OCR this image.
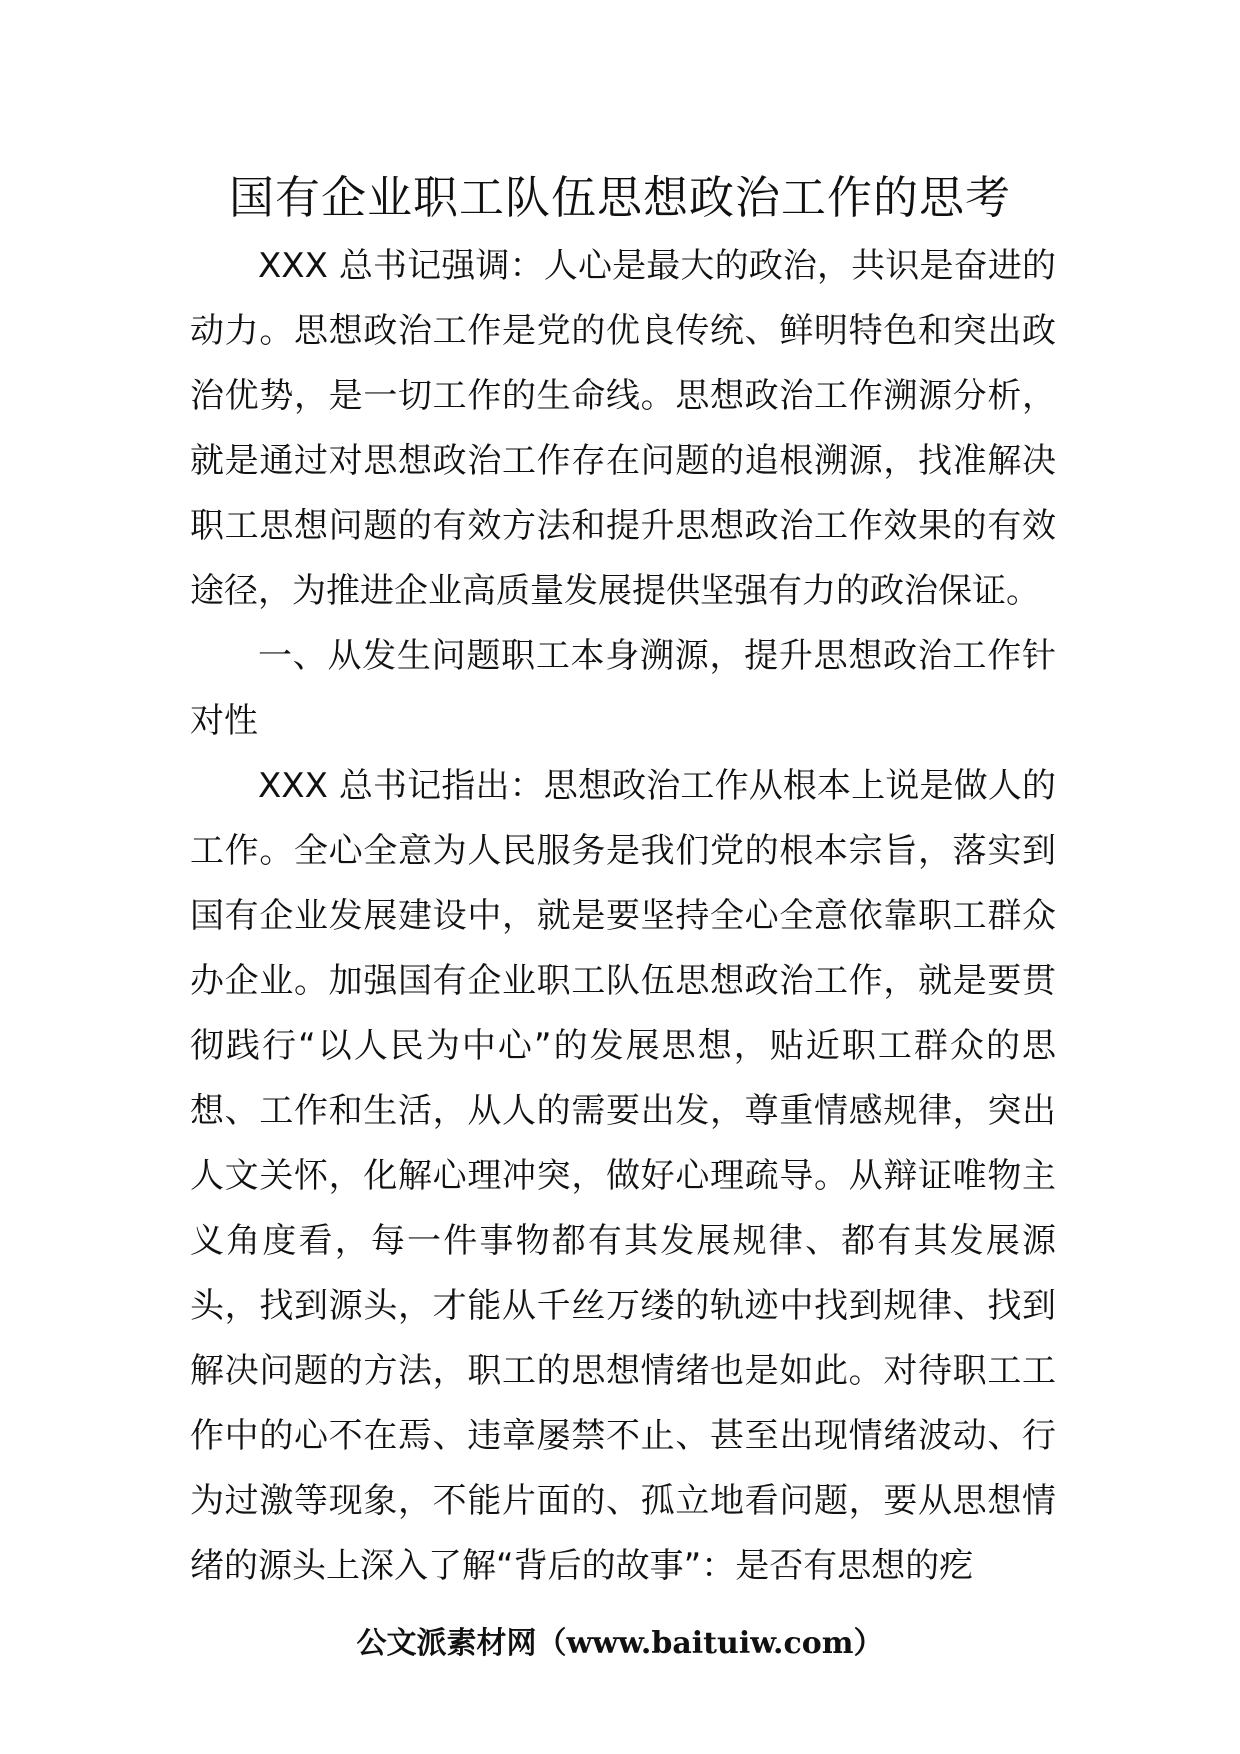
国有企业职工队伍思想政治工作的思考

XXX 总书记强调：人心是最大的政治，共识是奋进的动力。思想政治工作是党的优良传统、鲜明特色和突出政治优势，是一切工作的生命线。思想政治工作溯源分析，就是通过对思想政治工作存在问题的追根溯源，找准解决职工思想问题的有效方法和提升思想政治工作效果的有效途径，为推进企业高质量发展提供坚强有力的政治保证。

一、从发生问题职工本身溯源，提升思想政治工作针对性

XXX 总书记指出：思想政治工作从根本上说是做人的工作。全心全意为人民服务是我们党的根本宗旨，落实到国有企业发展建设中，就是要坚持全心全意依靠职工群众办企业。加强国有企业职工队伍思想政治工作，就是要贯彻践行“以人民为中心”的发展思想，贴近职工群众的思想、工作和生活，从人的需要出发，尊重情感规律，突出人文关怀，化解心理冲突，做好心理疏导。从辩证唯物主义角度看，每一件事物都有其发展规律、都有其发展源头，找到源头，才能从千丝万缕的轨迹中找到规律、找到解决问题的方法，职工的思想情绪也是如此。对待职工工作中的心不在焉、违章屡禁不止、甚至出现情绪波动、行为过激等现象，不能片面的、孤立地看问题，要从思想情绪的源头上深入了解“背后的故事”：是否有思想的疙

公文派素材网（www.baituiw.com）
